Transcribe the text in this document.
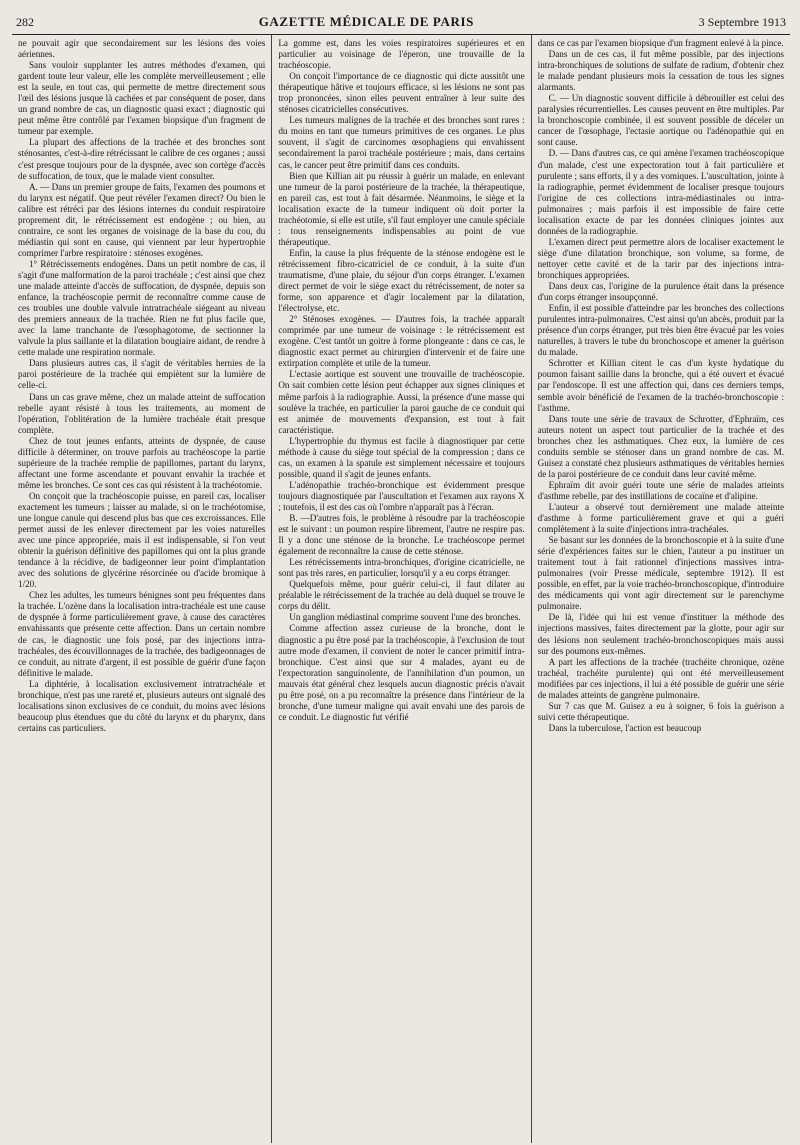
282	GAZETTE MÉDICALE DE PARIS	3 Septembre 1913

ne pouvait agir que secondairement sur les lésions des voies aériennes.

Sans vouloir supplanter les autres méthodes d'examen, qui gardent toute leur valeur, elle les complète merveilleusement ; elle est la seule, en tout cas, qui permette de mettre directement sous l'œil des lésions jusque là cachées et par conséquent de poser, dans un grand nombre de cas, un diagnostic quasi exact ; diagnostic qui peut même être contrôlé par l'examen biopsique d'un fragment de tumeur par exemple.

La plupart des affections de la trachée et des bronches sont sténosantes, c'est-à-dire rétrécissant le calibre de ces organes ; aussi c'est presque toujours pour de la dyspnée, avec son cortège d'accès de suffocation, de toux, que le malade vient consulter.

A. — Dans un premier groupe de faits, l'examen des poumons et du larynx est négatif. Que peut révéler l'examen direct? Ou bien le calibre est rétréci par des lésions internes du conduit respiratoire proprement dit, le rétrécissement est endogène ; ou bien, au contraire, ce sont les organes de voisinage de la base du cou, du médiastin qui sont en cause, qui viennent par leur hypertrophie comprimer l'arbre respiratoire : sténoses exogènes.

1° Rétrécissements endogènes. Dans un petit nombre de cas, il s'agit d'une malformation de la paroi trachéale ; c'est ainsi que chez une malade atteinte d'accès de suffocation, de dyspnée, depuis son enfance, la trachéoscopie permit de reconnaître comme cause de ces troubles une double valvule intratrachéale siégeant au niveau des premiers anneaux de la trachée. Rien ne fut plus facile que, avec la lame tranchante de l'œsophagotome, de sectionner la valvule la plus saillante et la dilatation bougiaire aidant, de rendre à cette malade une respiration normale.

Dans plusieurs autres cas, il s'agit de véritables hernies de la paroi postérieure de la trachée qui empiètent sur la lumière de celle-ci.

Dans un cas grave même, chez un malade atteint de suffocation rebelle ayant résisté à tous les traitements, au moment de l'opération, l'oblitération de la lumière trachéale était presque complète.

Chez de tout jeunes enfants, atteints de dyspnée, de cause difficile à déterminer, on trouve parfois au trachéoscope la partie supérieure de la trachée remplie de papillomes, partant du larynx, affectant une forme ascendante et pouvant envahir la trachée et même les bronches. Ce sont ces cas qui résistent à la trachéotomie.

On conçoit que la trachéoscopie puisse, en pareil cas, localiser exactement les tumeurs ; laisser au malade, si on le trachéotomise, une longue canule qui descend plus bas que ces excroissances. Elle permet aussi de les enlever directement par les voies naturelles avec une pince appropriée, mais il est indispensable, si l'on veut obtenir la guérison définitive des papillomes qui ont la plus grande tendance à la récidive, de badigeonner leur point d'implantation avec des solutions de glycérine résorcinée ou d'acide bromique à 1/20.

Chez les adultes, les tumeurs bénignes sont peu fréquentes dans la trachée. L'ozène dans la localisation intra-trachéale est une cause de dyspnée à forme particulièrement grave, à cause des caractères envahissants que présente cette affection. Dans un certain nombre de cas, le diagnostic une fois posé, par des injections intra-trachéales, des écouvillonnages de la trachée, des badigeonnages de ce conduit, au nitrate d'argent, il est possible de guérir d'une façon définitive le malade.

La diphtérie, à localisation exclusivement intratrachéale et bronchique, n'est pas une rareté et, plusieurs auteurs ont signalé des localisations sinon exclusives de ce conduit, du moins avec lésions beaucoup plus étendues que du côté du larynx et du pharynx, dans certains cas particuliers.

La gomme est, dans les voies respiratoires supérieures et en particulier au voisinage de l'éperon, une trouvaille de la trachéoscopie.

On conçoit l'importance de ce diagnostic qui dicte aussitôt une thérapeutique hâtive et toujours efficace, si les lésions ne sont pas trop prononcées, sinon elles peuvent entraîner à leur suite des sténoses cicatricielles consécutives.

Les tumeurs malignes de la trachée et des bronches sont rares : du moins en tant que tumeurs primitives de ces organes. Le plus souvent, il s'agit de carcinomes œsophagiens qui envahissent secondairement la paroi trachéale postérieure ; mais, dans certains cas, le cancer peut être primitif dans ces conduits.

Bien que Killian ait pu réussir à guérir un malade, en enlevant une tumeur de la paroi postérieure de la trachée, la thérapeutique, en pareil cas, est tout à fait désarmée. Néanmoins, le siège et la localisation exacte de la tumeur indiquent où doit porter la trachéotomie, si elle est utile, s'il faut employer une canule spéciale : tous renseignements indispensables au point de vue thérapeutique.

Enfin, la cause la plus fréquente de la sténose endogène est le rétrécissement fibro-cicatriciel de ce conduit, à la suite d'un traumatisme, d'une plaie, du séjour d'un corps étranger. L'examen direct permet de voir le siège exact du rétrécissement, de noter sa forme, son apparence et d'agir localement par la dilatation, l'électrolyse, etc.

2° Sténoses exogènes. — D'autres fois, la trachée apparaît comprimée par une tumeur de voisinage : le rétrécissement est exogène. C'est tantôt un goitre à forme plongeante : dans ce cas, le diagnostic exact permet au chirurgien d'intervenir et de faire une extirpation complète et utile de la tumeur.

L'ectasie aortique est souvent une trouvaille de trachéoscopie. On sait combien cette lésion peut échapper aux signes cliniques et même parfois à la radiographie. Aussi, la présence d'une masse qui soulève la trachée, en particulier la paroi gauche de ce conduit qui est animée de mouvements d'expansion, est tout à fait caractéristique.

L'hypertrophie du thymus est facile à diagnostiquer par cette méthode à cause du siège tout spécial de la compression ; dans ce cas, un examen à la spatule est simplement nécessaire et toujours possible, quand il s'agit de jeunes enfants.

L'adénopathie trachéo-bronchique est évidemment presque toujours diagnostiquée par l'auscultation et l'examen aux rayons X ; toutefois, il est des cas où l'ombre n'apparaît pas à l'écran.

B. —D'autres fois, le problème à résoudre par la trachéoscopie est le suivant : un poumon respire librement, l'autre ne respire pas. Il y a donc une sténose de la bronche. Le trachéoscope permet également de reconnaître la cause de cette sténose.

Les rétrécissements intra-bronchiques, d'origine cicatricielle, ne sont pas très rares, en particulier, lorsqu'il y a eu corps étranger.

Quelquefois même, pour guérir celui-ci, il faut dilater au préalable le rétrécissement de la trachée au delà duquel se trouve le corps du délit.

Un ganglion médiastinal comprime souvent l'une des bronches.

Comme affection assez curieuse de la bronche, dont le diagnostic a pu être posé par la trachéoscopie, à l'exclusion de tout autre mode d'examen, il convient de noter le cancer primitif intra-bronchique. C'est ainsi que sur 4 malades, ayant eu de l'expectoration sanguinolente, de l'annihilation d'un poumon, un mauvais état général chez lesquels aucun diagnostic précis n'avait pu être posé, on a pu reconnaître la présence dans l'intérieur de la bronche, d'une tumeur maligne qui avait envahi une des parois de ce conduit. Le diagnostic fut vérifié

dans ce cas par l'examen biopsique d'un fragment enlevé à la pince.

Dans un de ces cas, il fut même possible, par des injections intra-bronchiques de solutions de sulfate de radium, d'obtenir chez le malade pendant plusieurs mois la cessation de tous les signes alarmants.

C. — Un diagnostic souvent difficile à débrouiller est celui des paralysies récurrentielles. Les causes peuvent en être multiples. Par la bronchoscopie combinée, il est souvent possible de déceler un cancer de l'œsophage, l'ectasie aortique ou l'adénopathie qui en sont cause.

D. — Dans d'autres cas, ce qui amène l'examen trachéoscopique d'un malade, c'est une expectoration tout à fait particulière et purulente ; sans efforts, il y a des vomiques. L'auscultation, jointe à la radiographie, permet évidemment de localiser presque toujours l'origine de ces collections intra-médiastinales ou intra-pulmonaires ; mais parfois il est impossible de faire cette localisation exacte de par les données cliniques jointes aux données de la radiographie.

L'examen direct peut permettre alors de localiser exactement le siège d'une dilatation bronchique, son volume, sa forme, de nettoyer cette cavité et de la tarir par des injections intra-bronchiques appropriées.

Dans deux cas, l'origine de la purulence était dans la présence d'un corps étranger insoupçonné.

Enfin, il est possible d'atteindre par les bronches des collections purulentes intra-pulmonaires. C'est ainsi qu'un abcès, produit par la présence d'un corps étranger, put très bien être évacué par les voies naturelles, à travers le tube du bronchoscope et amener la guérison du malade.

Schrotter et Killian citent le cas d'un kyste hydatique du poumon faisant saillie dans la bronche, qui a été ouvert et évacué par l'endoscope. Il est une affection qui, dans ces derniers temps, semble avoir bénéficié de l'examen de la trachéo-bronchoscopie : l'asthme.

Dans toute une série de travaux de Schrotter, d'Ephraïm, ces auteurs notent un aspect tout particulier de la trachée et des bronches chez les asthmatiques. Chez eux, la lumière de ces conduits semble se sténoser dans un grand nombre de cas. M. Guisez a constaté chez plusieurs asthmatiques de véritables hernies de la paroi postérieure de ce conduit dans leur cavité même.

Ephraïm dit avoir guéri toute une série de malades atteints d'asthme rebelle, par des instillations de cocaïne et d'alipine.

L'auteur a observé tout dernièrement une malade atteinte d'asthme à forme particulièrement grave et qui a guéri complètement à la suite d'injections intra-trachéales.

Se basant sur les données de la bronchoscopie et à la suite d'une série d'expériences faites sur le chien, l'auteur a pu instituer un traitement tout à fait rationnel d'injections massives intra-pulmonaires (voir Presse médicale, septembre 1912). Il est possible, en effet, par la voie trachéo-bronchoscopique, d'introduire des médicaments qui vont agir directement sur le parenchyme pulmonaire.

De là, l'idée qui lui est venue d'instituer la méthode des injections massives, faites directement par la glotte, pour agir sur des lésions non seulement trachéo-bronchoscopiques mais aussi sur des poumons eux-mêmes.

A part les affections de la trachée (trachéite chronique, ozène trachéal, trachéite purulente) qui ont été merveilleusement modifiées par ces injections, il lui a été possible de guérir une série de malades atteints de gangrène pulmonaire.

Sur 7 cas que M. Guisez a eu à soigner, 6 fois la guérison a suivi cette thérapeutique.

Dans la tuberculose, l'action est beaucoup
